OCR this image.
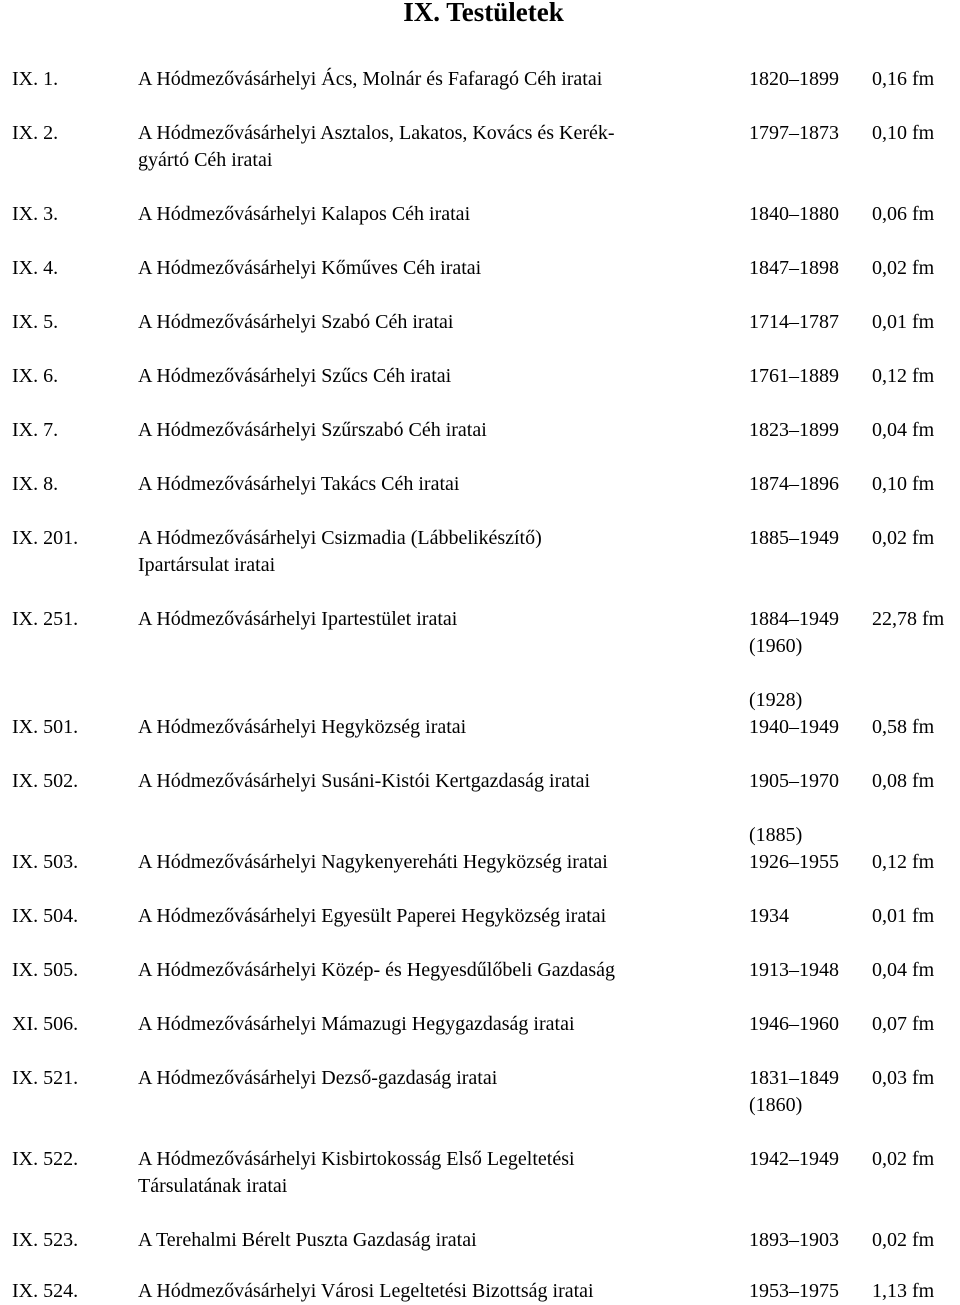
IX. Testületek
IX. 1.	A Hódmezővásárhelyi Ács, Molnár és Fafaragó Céh iratai	1820–1899	0,16 fm
IX. 2.	A Hódmezővásárhelyi Asztalos, Lakatos, Kovács és Kerék-
gyártó Céh iratai
1797–1873	0,10 fm
IX. 3.	A Hódmezővásárhelyi Kalapos Céh iratai	1840–1880	0,06 fm
IX. 4.	A Hódmezővásárhelyi Kőműves Céh iratai	1847–1898	0,02 fm
IX. 5.	A Hódmezővásárhelyi Szabó Céh iratai	1714–1787	0,01 fm
IX. 6.	A Hódmezővásárhelyi Szűcs Céh iratai	1761–1889	0,12 fm
IX. 7.	A Hódmezővásárhelyi Szűrszabó Céh iratai	1823–1899	0,04 fm
IX. 8.	A Hódmezővásárhelyi Takács Céh iratai	1874–1896	0,10 fm
IX. 201.	A Hódmezővásárhelyi Csizmadia (Lábbelikészítő)
Ipartársulat iratai
1885–1949	0,02 fm
IX. 251.	A Hódmezővásárhelyi Ipartestület iratai	1884–1949
(1960)
22,78 fm
IX. 501.	A Hódmezővásárhelyi Hegyközség iratai
(1928)
1940–1949	0,58 fm
IX. 502.	A Hódmezővásárhelyi Susáni-Kistói Kertgazdaság iratai	1905–1970	0,08 fm
IX. 503.	A Hódmezővásárhelyi Nagykenyereháti Hegyközség iratai
(1885)
1926–1955	0,12 fm
IX. 504.	A Hódmezővásárhelyi Egyesült Paperei Hegyközség iratai	1934	0,01 fm
IX. 505.	A Hódmezővásárhelyi Közép- és Hegyesdűlőbeli Gazdaság	1913–1948	0,04 fm
XI. 506.	A Hódmezővásárhelyi Mámazugi Hegygazdaság iratai	1946–1960	0,07 fm
IX. 521.	A Hódmezővásárhelyi Dezső-gazdaság iratai	1831–1849
(1860)
0,03 fm
IX. 522.	A Hódmezővásárhelyi Kisbirtokosság Első Legeltetési
Társulatának iratai
1942–1949	0,02 fm
IX. 523.	A Terehalmi Bérelt Puszta Gazdaság iratai	1893–1903	0,02 fm
IX. 524.	A Hódmezővásárhelyi Városi Legeltetési Bizottság iratai	1953–1975	1,13 fm
